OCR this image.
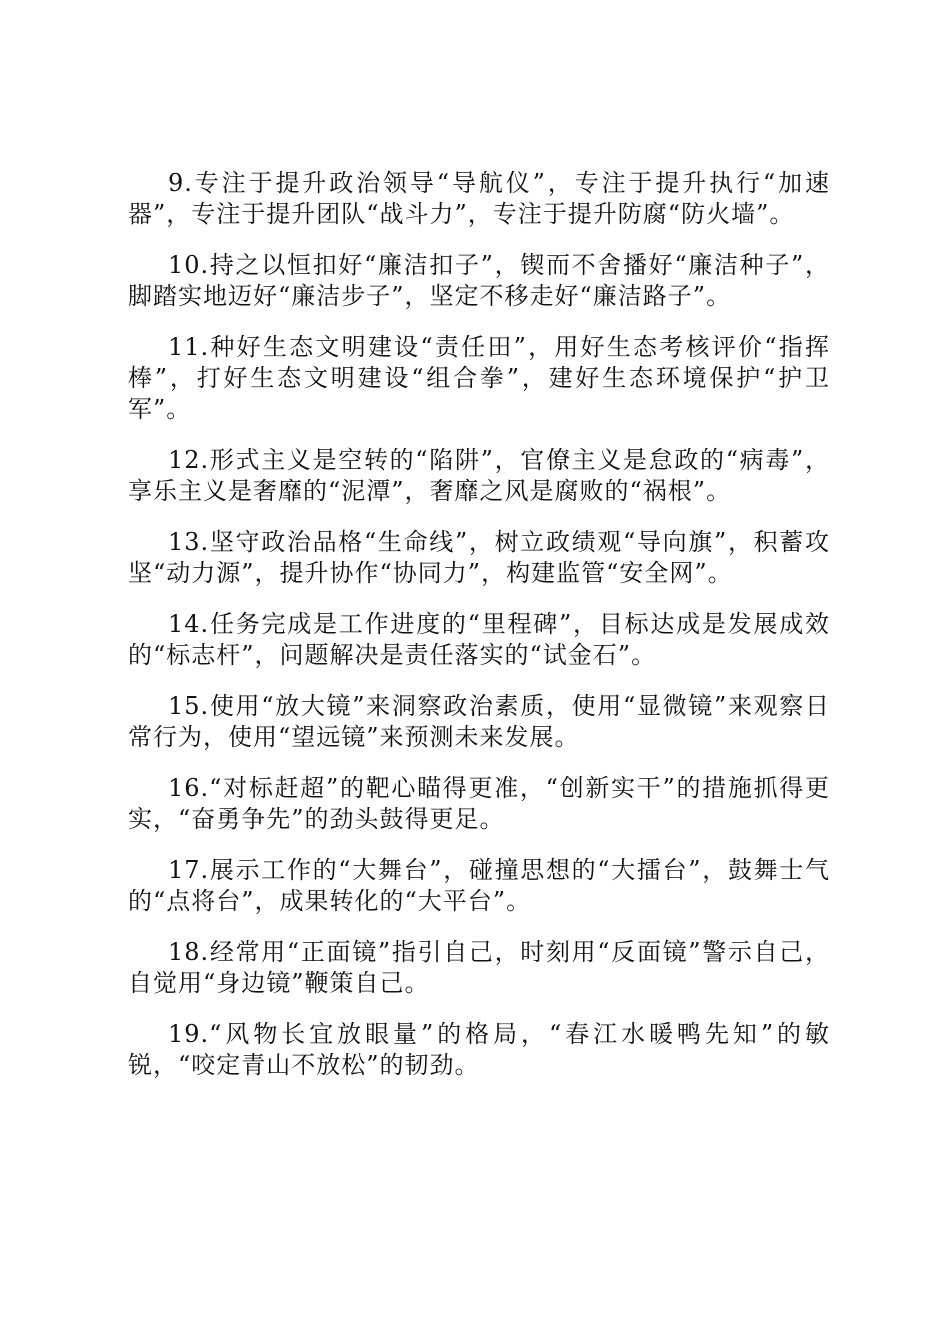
9.专注于提升政治领导“导航仪”，专注于提升执行“加速器”，专注于提升团队“战斗力”，专注于提升防腐“防火墙”。

10.持之以恒扣好“廉洁扣子”，锲而不舍播好“廉洁种子”，脚踏实地迈好“廉洁步子”，坚定不移走好“廉洁路子”。

11.种好生态文明建设“责任田”，用好生态考核评价“指挥棒”，打好生态文明建设“组合拳”，建好生态环境保护“护卫军”。

12.形式主义是空转的“陷阱”，官僚主义是怠政的“病毒”，享乐主义是奢靡的“泥潭”，奢靡之风是腐败的“祸根”。

13.坚守政治品格“生命线”，树立政绩观“导向旗”，积蓄攻坚“动力源”，提升协作“协同力”，构建监管“安全网”。

14.任务完成是工作进度的“里程碑”，目标达成是发展成效的“标志杆”，问题解决是责任落实的“试金石”。

15.使用“放大镜”来洞察政治素质，使用“显微镜”来观察日常行为，使用“望远镜”来预测未来发展。

16.“对标赶超”的靶心瞄得更准，“创新实干”的措施抓得更实，“奋勇争先”的劲头鼓得更足。

17.展示工作的“大舞台”，碰撞思想的“大擂台”，鼓舞士气的“点将台”，成果转化的“大平台”。

18.经常用“正面镜”指引自己，时刻用“反面镜”警示自己，自觉用“身边镜”鞭策自己。

19.“风物长宜放眼量”的格局，“春江水暖鸭先知”的敏锐，“咬定青山不放松”的韧劲。
